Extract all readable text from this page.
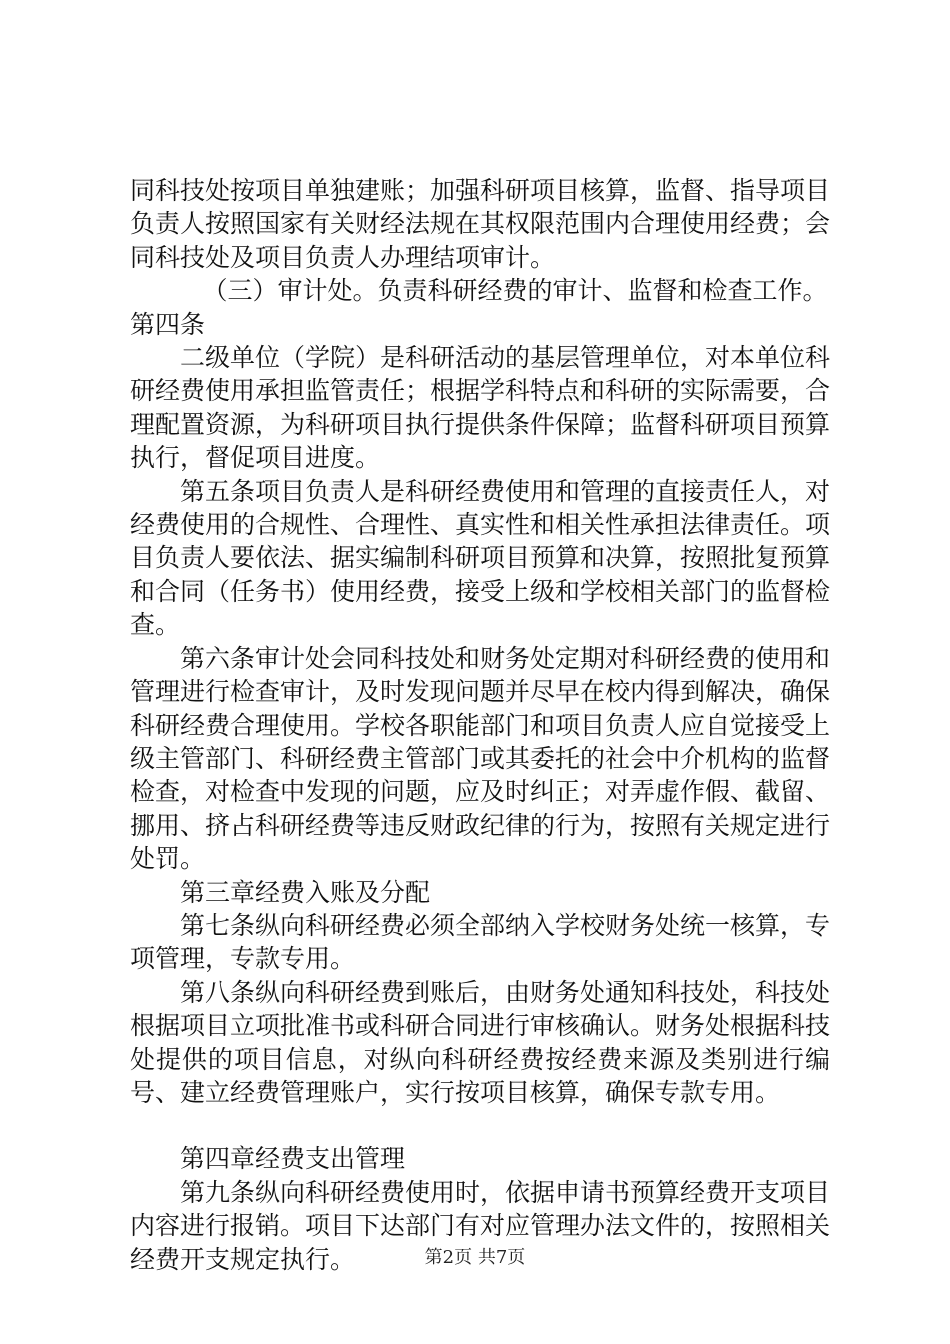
同科技处按项目单独建账；加强科研项目核算，监督、指导项目负责人按照国家有关财经法规在其权限范围内合理使用经费；会同科技处及项目负责人办理结项审计。

（三）审计处。负责科研经费的审计、监督和检查工作。

第四条

二级单位（学院）是科研活动的基层管理单位，对本单位科研经费使用承担监管责任；根据学科特点和科研的实际需要，合理配置资源，为科研项目执行提供条件保障；监督科研项目预算执行，督促项目进度。

第五条项目负责人是科研经费使用和管理的直接责任人，对经费使用的合规性、合理性、真实性和相关性承担法律责任。项目负责人要依法、据实编制科研项目预算和决算，按照批复预算和合同（任务书）使用经费，接受上级和学校相关部门的监督检查。

第六条审计处会同科技处和财务处定期对科研经费的使用和管理进行检查审计，及时发现问题并尽早在校内得到解决，确保科研经费合理使用。学校各职能部门和项目负责人应自觉接受上级主管部门、科研经费主管部门或其委托的社会中介机构的监督检查，对检查中发现的问题，应及时纠正；对弄虚作假、截留、挪用、挤占科研经费等违反财政纪律的行为，按照有关规定进行处罚。

第三章经费入账及分配

第七条纵向科研经费必须全部纳入学校财务处统一核算，专项管理，专款专用。

第八条纵向科研经费到账后，由财务处通知科技处，科技处根据项目立项批准书或科研合同进行审核确认。财务处根据科技处提供的项目信息，对纵向科研经费按经费来源及类别进行编号、建立经费管理账户，实行按项目核算，确保专款专用。

第四章经费支出管理

第九条纵向科研经费使用时，依据申请书预算经费开支项目内容进行报销。项目下达部门有对应管理办法文件的，按照相关经费开支规定执行。	第2页 共7页
